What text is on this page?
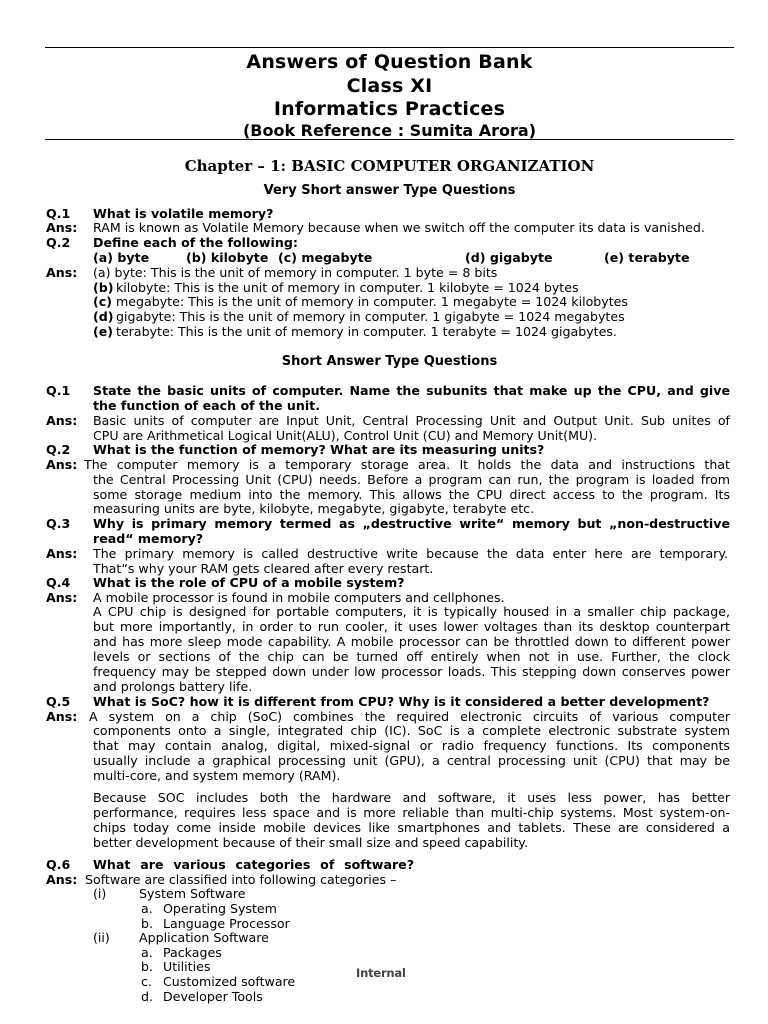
Answers of Question Bank
Class XI
Informatics Practices
(Book Reference : Sumita Arora)
Chapter – 1: BASIC COMPUTER ORGANIZATION
Very Short answer Type Questions
Q.1 What is volatile memory?
Ans: RAM is known as Volatile Memory because when we switch off the computer its data is vanished.
Q.2 Define each of the following:
(a) byte	(b) kilobyte (c) megabyte	(d) gigabyte	(e) terabyte
Ans: (a) byte: This is the unit of memory in computer. 1 byte = 8 bits
(b) kilobyte: This is the unit of memory in computer. 1 kilobyte = 1024 bytes
(c) megabyte: This is the unit of memory in computer. 1 megabyte = 1024 kilobytes
(d) gigabyte: This is the unit of memory in computer. 1 gigabyte = 1024 megabytes
(e) terabyte: This is the unit of memory in computer. 1 terabyte = 1024 gigabytes.
Short Answer Type Questions
Q.1 State the basic units of computer. Name the subunits that make up the CPU, and give
the function of each of the unit.
Ans: Basic units of computer are Input Unit, Central Processing Unit and Output Unit. Sub unites of
CPU are Arithmetical Logical Unit(ALU), Control Unit (CU) and Memory Unit(MU).
Q.2 What is the function of memory? What are its measuring units?
Ans: The computer memory is a temporary storage area. It holds the data and instructions that
the Central Processing Unit (CPU) needs. Before a program can run, the program is loaded from
some storage medium into the memory. This allows the CPU direct access to the program. Its
measuring units are byte, kilobyte, megabyte, gigabyte, terabyte etc.
Q.3 Why is primary memory termed as „destructive write“ memory but „non-destructive
read“ memory?
Ans: The primary memory is called destructive write because the data enter here are temporary.
That“s why your RAM gets cleared after every restart.
Q.4 What is the role of CPU of a mobile system?
Ans: A mobile processor is found in mobile computers and cellphones.
A CPU chip is designed for portable computers, it is typically housed in a smaller chip package,
but more importantly, in order to run cooler, it uses lower voltages than its desktop counterpart
and has more sleep mode capability. A mobile processor can be throttled down to different power
levels or sections of the chip can be turned off entirely when not in use. Further, the clock
frequency may be stepped down under low processor loads. This stepping down conserves power
and prolongs battery life.
Q.5 What is SoC? how it is different from CPU? Why is it considered a better development?
Ans: A system on a chip (SoC) combines the required electronic circuits of various computer
components onto a single, integrated chip (IC). SoC is a complete electronic substrate system
that may contain analog, digital, mixed-signal or radio frequency functions. Its components
usually include a graphical processing unit (GPU), a central processing unit (CPU) that may be
multi-core, and system memory (RAM).
Because SOC includes both the hardware and software, it uses less power, has better
performance, requires less space and is more reliable than multi-chip systems. Most system-on-
chips today come inside mobile devices like smartphones and tablets. These are considered a
better development because of their small size and speed capability.
Q.6 What are various categories of software?
Ans: Software are classified into following categories –
(i)	System Software
a. Operating System
b. Language Processor
(ii) Application Software
a. Packages
b. Utilities
c. Customized software
d. Developer Tools
Internal
